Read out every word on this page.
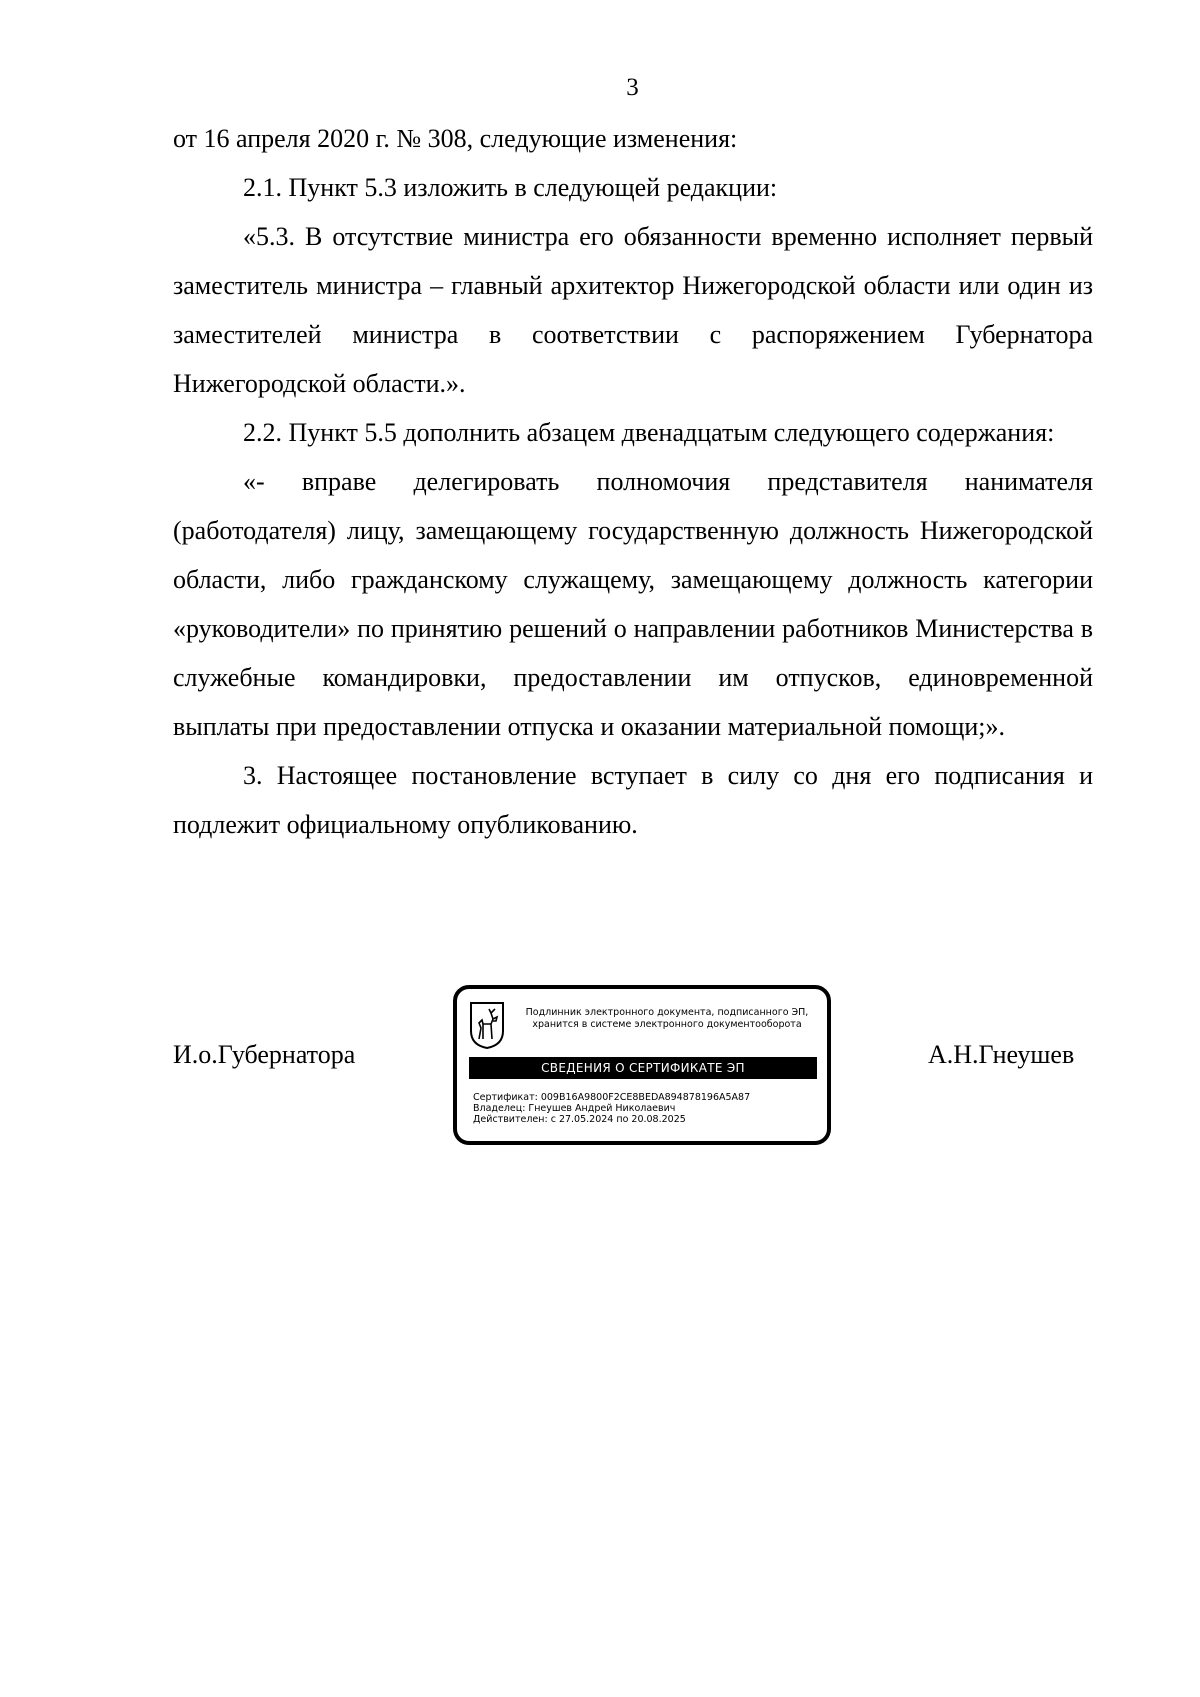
3

от 16 апреля 2020 г. № 308, следующие изменения:

2.1. Пункт 5.3 изложить в следующей редакции:

«5.3. В отсутствие министра его обязанности временно исполняет первый заместитель министра – главный архитектор Нижегородской области или один из заместителей министра в соответствии с распоряжением Губернатора Нижегородской области.».

2.2. Пункт 5.5 дополнить абзацем двенадцатым следующего содержания:

«- вправе делегировать полномочия представителя нанимателя (работодателя) лицу, замещающему государственную должность Нижегородской области, либо гражданскому служащему, замещающему должность категории «руководители» по принятию решений о направлении работников Министерства в служебные командировки, предоставлении им отпусков, единовременной выплаты при предоставлении отпуска и оказании материальной помощи;».

3. Настоящее постановление вступает в силу со дня его подписания и подлежит официальному опубликованию.

И.о.Губернатора
Подлинник электронного документа, подписанного ЭП,
хранится в системе электронного документооборота
СВЕДЕНИЯ О СЕРТИФИКАТЕ ЭП
Сертификат: 009B16A9800F2CE8BEDA894878196A5A87
Владелец: Гнеушев Андрей Николаевич
Действителен: с 27.05.2024 по 20.08.2025
А.Н.Гнеушев
